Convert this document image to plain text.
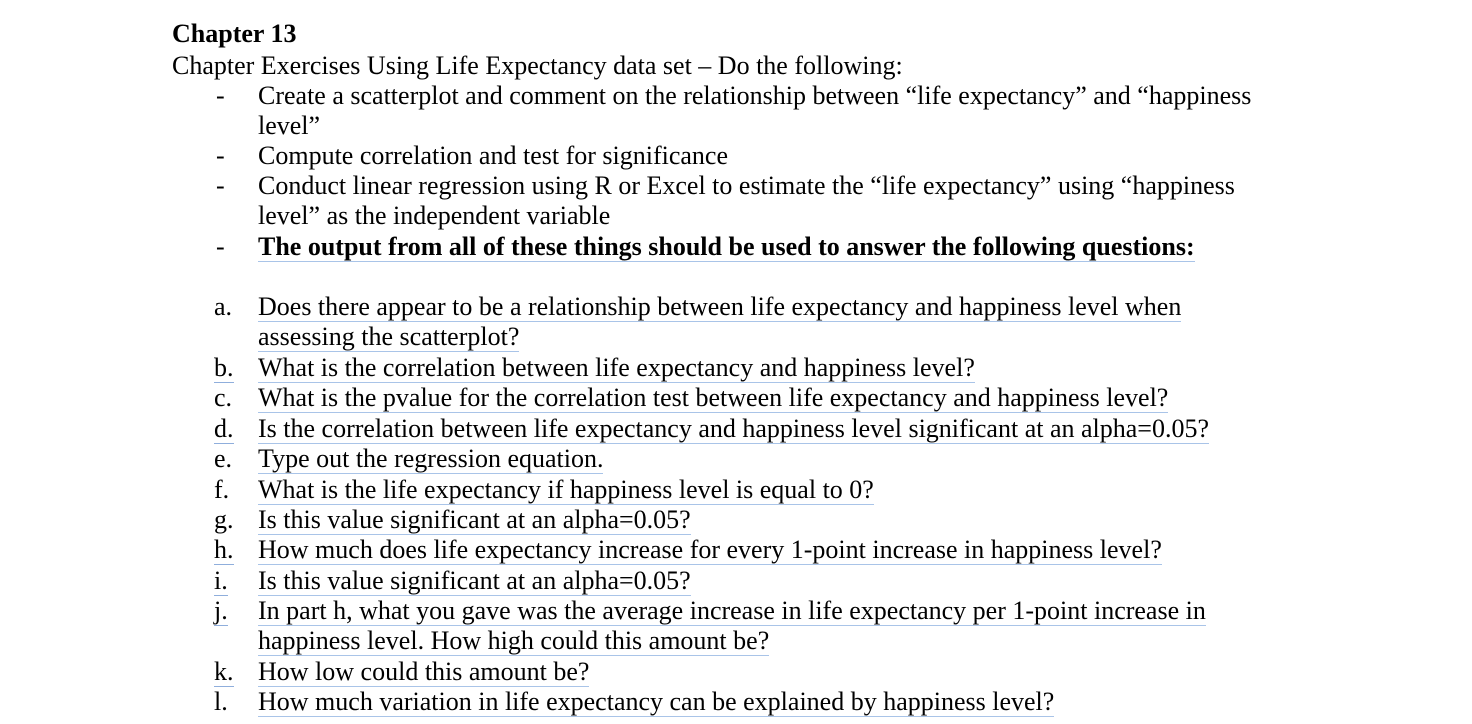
Chapter 13
Chapter Exercises Using Life Expectancy data set – Do the following:
- Create a scatterplot and comment on the relationship between “life expectancy” and “happiness
level”
- Compute correlation and test for significance
- Conduct linear regression using R or Excel to estimate the “life expectancy” using “happiness
level” as the independent variable
- The output from all of these things should be used to answer the following questions:
a. Does there appear to be a relationship between life expectancy and happiness level when
assessing the scatterplot?
b. What is the correlation between life expectancy and happiness level?
c. What is the pvalue for the correlation test between life expectancy and happiness level?
d. Is the correlation between life expectancy and happiness level significant at an alpha=0.05?
e. Type out the regression equation.
f. What is the life expectancy if happiness level is equal to 0?
g. Is this value significant at an alpha=0.05?
h. How much does life expectancy increase for every 1-point increase in happiness level?
i. Is this value significant at an alpha=0.05?
j. In part h, what you gave was the average increase in life expectancy per 1-point increase in
happiness level. How high could this amount be?
k. How low could this amount be?
l. How much variation in life expectancy can be explained by happiness level?
